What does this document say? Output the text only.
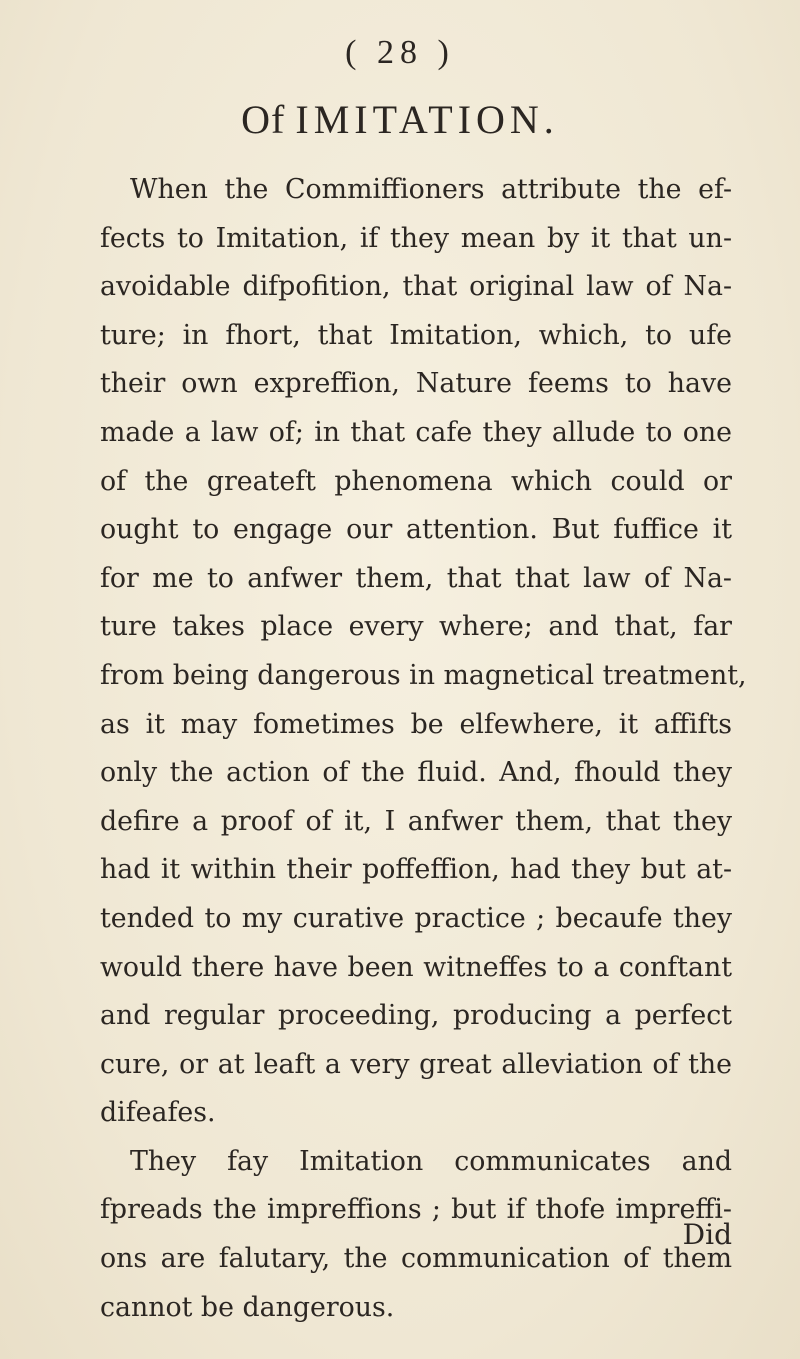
( 28 )
Of IMITATION.
When the Commiffioners attribute the ef-
fects to Imitation, if they mean by it that un-
avoidable difpofition, that original law of Na-
ture; in fhort, that Imitation, which, to ufe
their own expreffion, Nature feems to have
made a law of; in that cafe they allude to one
of the greateft phenomena which could or
ought to engage our attention. But fuffice it
for me to anfwer them, that that law of Na-
ture takes place every where; and that, far
from being dangerous in magnetical treatment,
as it may fometimes be elfewhere, it affifts
only the action of the fluid. And, fhould they
defire a proof of it, I anfwer them, that they
had it within their poffeffion, had they but at-
tended to my curative practice ; becaufe they
would there have been witneffes to a conftant
and regular proceeding, producing a perfect
cure, or at leaft a very great alleviation of the
difeafes.
They fay Imitation communicates and
fpreads the impreffions ; but if thofe impreffi-
ons are falutary, the communication of them
cannot be dangerous.
Did
